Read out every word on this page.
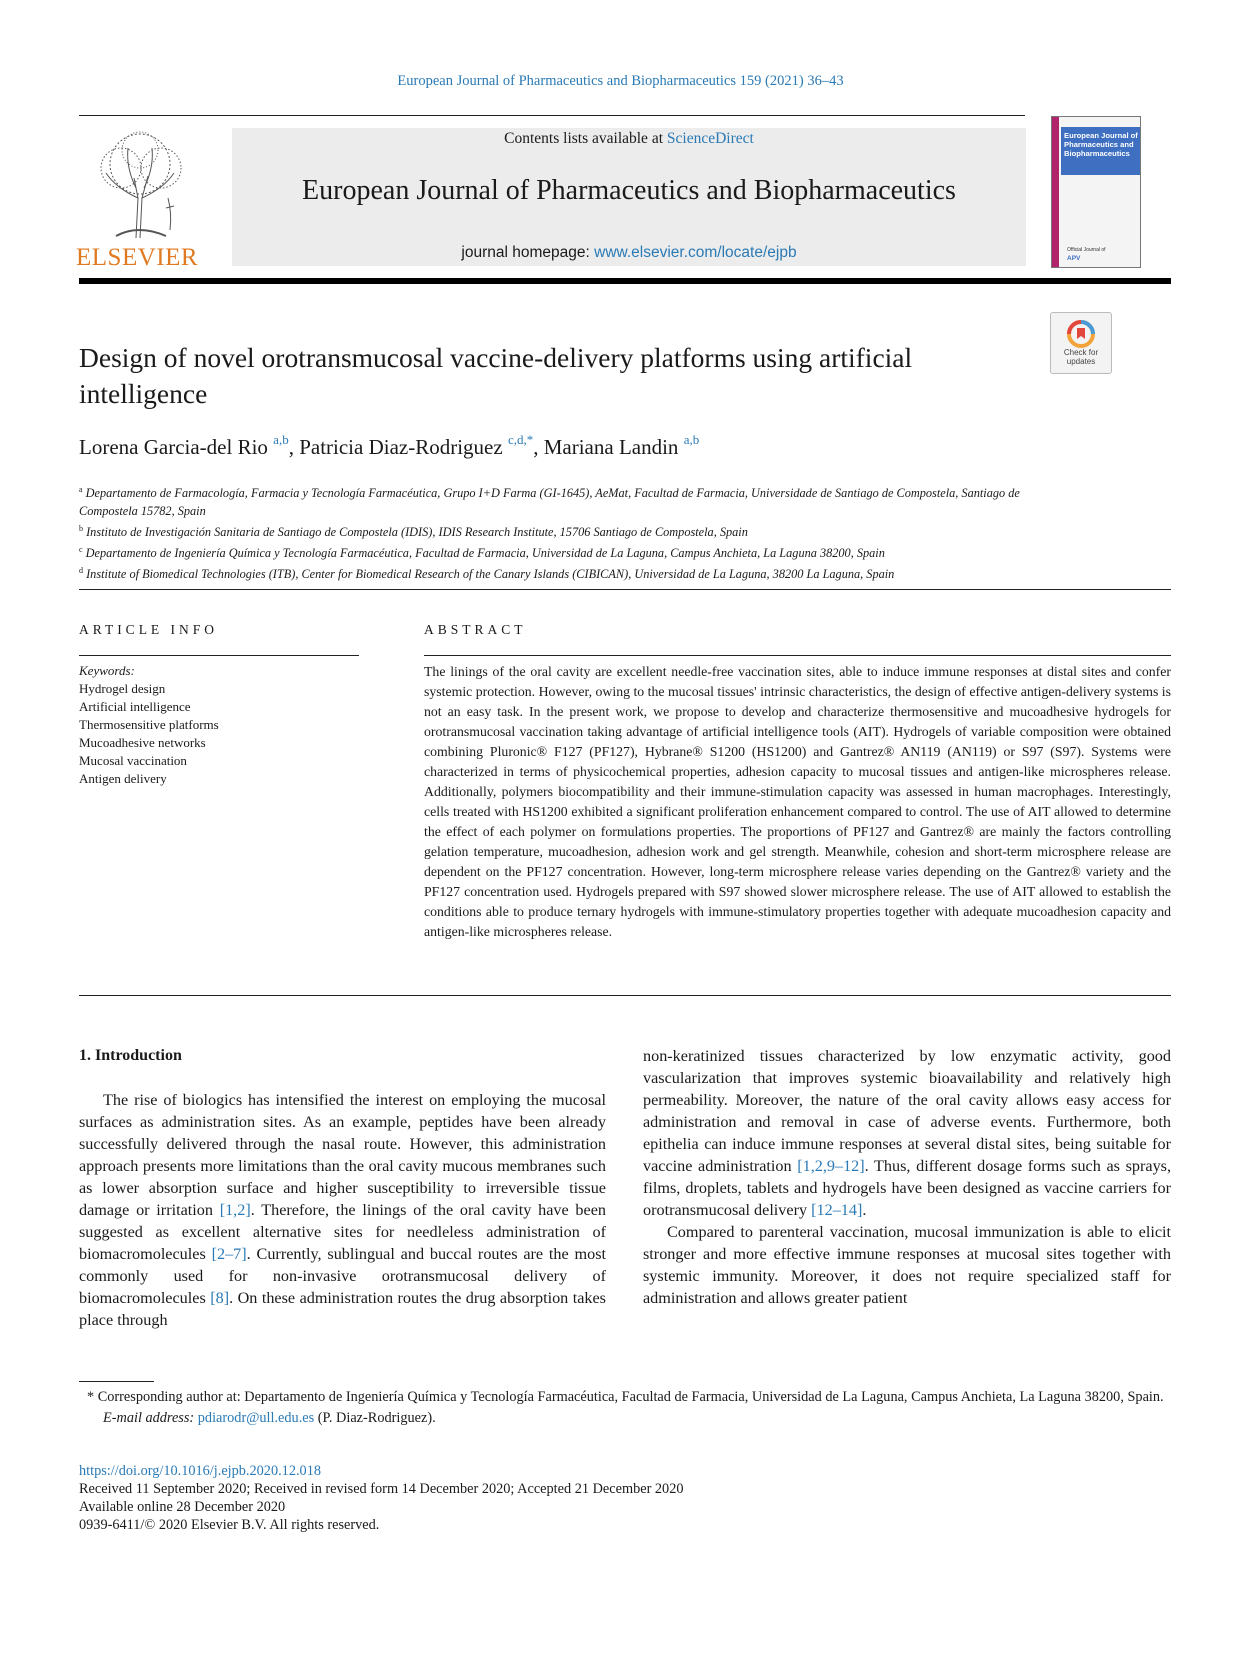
European Journal of Pharmaceutics and Biopharmaceutics 159 (2021) 36–43
ELSEVIER
Contents lists available at ScienceDirect
European Journal of Pharmaceutics and Biopharmaceutics
journal homepage: www.elsevier.com/locate/ejpb
European Journal of Pharmaceutics and Biopharmaceutics
Official Journal of
APV
Check for updates
Design of novel orotransmucosal vaccine-delivery platforms using artificial intelligence
Lorena Garcia-del Rio $^{a,b}$, Patricia Diaz-Rodriguez $^{c,d,*}$, Mariana Landin $^{a,b}$
$^a$ Departamento de Farmacología, Farmacia y Tecnología Farmacéutica, Grupo I+D Farma (GI-1645), AeMat, Facultad de Farmacia, Universidade de Santiago de Compostela, Santiago de Compostela 15782, Spain
$^b$ Instituto de Investigación Sanitaria de Santiago de Compostela (IDIS), IDIS Research Institute, 15706 Santiago de Compostela, Spain
$^c$ Departamento de Ingeniería Química y Tecnología Farmacéutica, Facultad de Farmacia, Universidad de La Laguna, Campus Anchieta, La Laguna 38200, Spain
$^d$ Institute of Biomedical Technologies (ITB), Center for Biomedical Research of the Canary Islands (CIBICAN), Universidad de La Laguna, 38200 La Laguna, Spain
ARTICLE INFO	ABSTRACT
Keywords:
Hydrogel design
Artificial intelligence
Thermosensitive platforms
Mucoadhesive networks
Mucosal vaccination
Antigen delivery
The linings of the oral cavity are excellent needle-free vaccination sites, able to induce immune responses at distal sites and confer systemic protection. However, owing to the mucosal tissues' intrinsic characteristics, the design of effective antigen-delivery systems is not an easy task. In the present work, we propose to develop and characterize thermosensitive and mucoadhesive hydrogels for orotransmucosal vaccination taking advantage of artificial intelligence tools (AIT). Hydrogels of variable composition were obtained combining Pluronic® F127 (PF127), Hybrane® S1200 (HS1200) and Gantrez® AN119 (AN119) or S97 (S97). Systems were characterized in terms of physicochemical properties, adhesion capacity to mucosal tissues and antigen-like microspheres release. Additionally, polymers biocompatibility and their immune-stimulation capacity was assessed in human macrophages. Interestingly, cells treated with HS1200 exhibited a significant proliferation enhancement compared to control. The use of AIT allowed to determine the effect of each polymer on formulations properties. The proportions of PF127 and Gantrez® are mainly the factors controlling gelation temperature, mucoadhesion, adhesion work and gel strength. Meanwhile, cohesion and short-term microsphere release are dependent on the PF127 concentration. However, long-term microsphere release varies depending on the Gantrez® variety and the PF127 concentration used. Hydrogels prepared with S97 showed slower microsphere release. The use of AIT allowed to establish the conditions able to produce ternary hydrogels with immune-stimulatory properties together with adequate mucoadhesion capacity and antigen-like microspheres release.
1. Introduction

The rise of biologics has intensified the interest on employing the mucosal surfaces as administration sites. As an example, peptides have been already successfully delivered through the nasal route. However, this administration approach presents more limitations than the oral cavity mucous membranes such as lower absorption surface and higher susceptibility to irreversible tissue damage or irritation [1,2]. Therefore, the linings of the oral cavity have been suggested as excellent alternative sites for needleless administration of biomacromolecules [2–7]. Currently, sublingual and buccal routes are the most commonly used for non-invasive orotransmucosal delivery of biomacromolecules [8]. On these administration routes the drug absorption takes place through

non-keratinized tissues characterized by low enzymatic activity, good vascularization that improves systemic bioavailability and relatively high permeability. Moreover, the nature of the oral cavity allows easy access for administration and removal in case of adverse events. Furthermore, both epithelia can induce immune responses at several distal sites, being suitable for vaccine administration [1,2,9–12]. Thus, different dosage forms such as sprays, films, droplets, tablets and hydrogels have been designed as vaccine carriers for orotransmucosal delivery [12–14].

Compared to parenteral vaccination, mucosal immunization is able to elicit stronger and more effective immune responses at mucosal sites together with systemic immunity. Moreover, it does not require specialized staff for administration and allows greater patient

* Corresponding author at: Departamento de Ingeniería Química y Tecnología Farmacéutica, Facultad de Farmacia, Universidad de La Laguna, Campus Anchieta, La Laguna 38200, Spain.
E-mail address: pdiarodr@ull.edu.es (P. Diaz-Rodriguez).
https://doi.org/10.1016/j.ejpb.2020.12.018
Received 11 September 2020; Received in revised form 14 December 2020; Accepted 21 December 2020
Available online 28 December 2020
0939-6411/© 2020 Elsevier B.V. All rights reserved.
